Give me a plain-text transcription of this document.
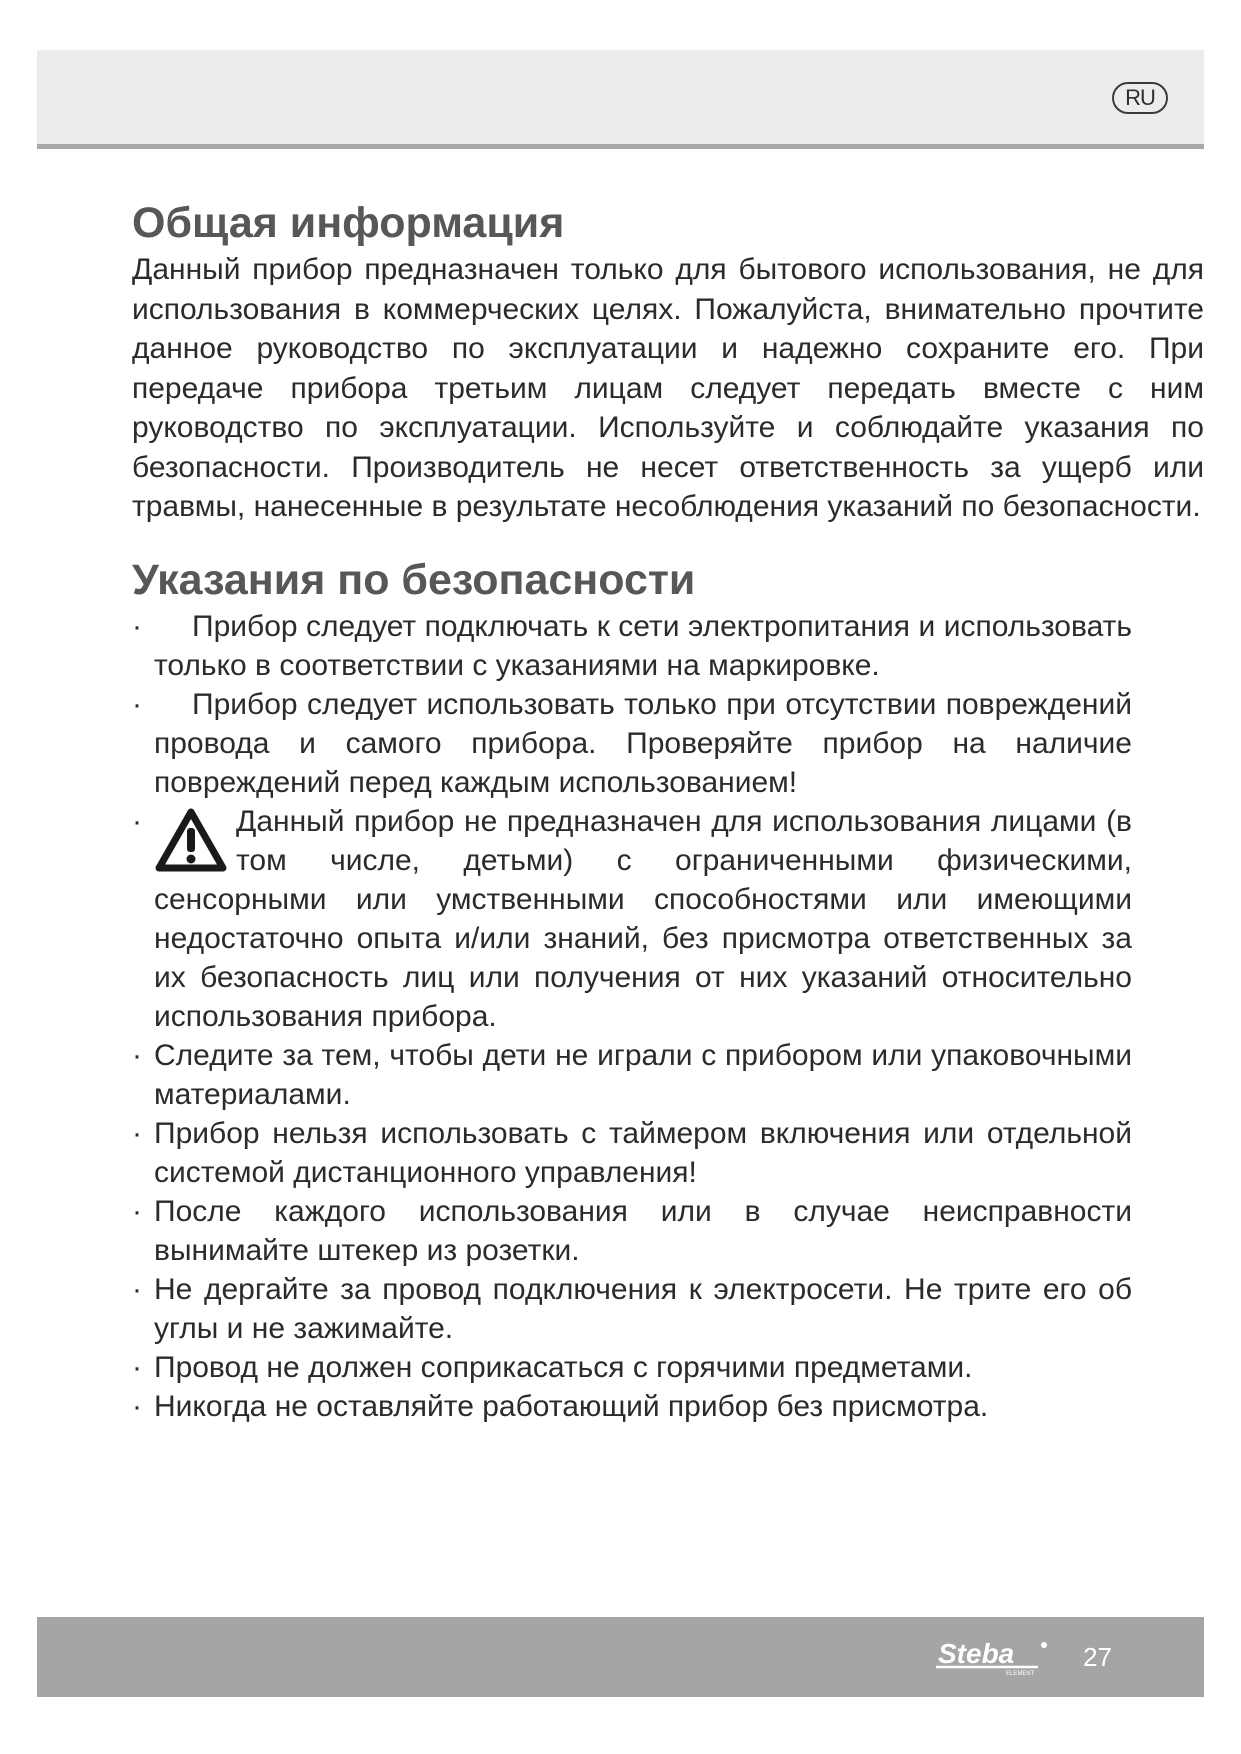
RU
Общая информация

Данный прибор предназначен только для бытового использования, не для использования в коммерческих целях. Пожалуйста, внимательно прочтите данное руководство по эксплуатации и надежно сохраните его. При передаче прибора третьим лицам следует передать вместе с ним руководство по эксплуатации. Используйте и соблюдайте указания по безопасности. Производитель не несет ответственность за ущерб или травмы, нанесенные в результате несоблюдения указаний по безопасности.

Указания по безопасности
· Прибор следует подключать к сети электропитания и использовать только в соответствии с указаниями на маркировке.
· Прибор следует использовать только при отсутствии повреждений провода и самого прибора. Проверяйте прибор на наличие повреждений перед каждым использованием!
·	Данный прибор не предназначен для использования лицами (в том числе, детьми) с ограниченными физическими, сенсорными или умственными способностями или имеющими недостаточно опыта и/или знаний, без присмотра ответственных за их безопасность лиц или получения от них указаний относительно использования прибора.
· Следите за тем, чтобы дети не играли с прибором или упаковочными материалами.
· Прибор нельзя использовать с таймером включения или отдельной системой дистанционного управления!
· После каждого использования или в случае неисправности вынимайте штекер из розетки.
· Не дергайте за провод подключения к электросети. Не трите его об углы и не зажимайте.
· Провод не должен соприкасаться с горячими предметами.
· Никогда не оставляйте работающий прибор без присмотра.
Steba
ELEMENT
27
